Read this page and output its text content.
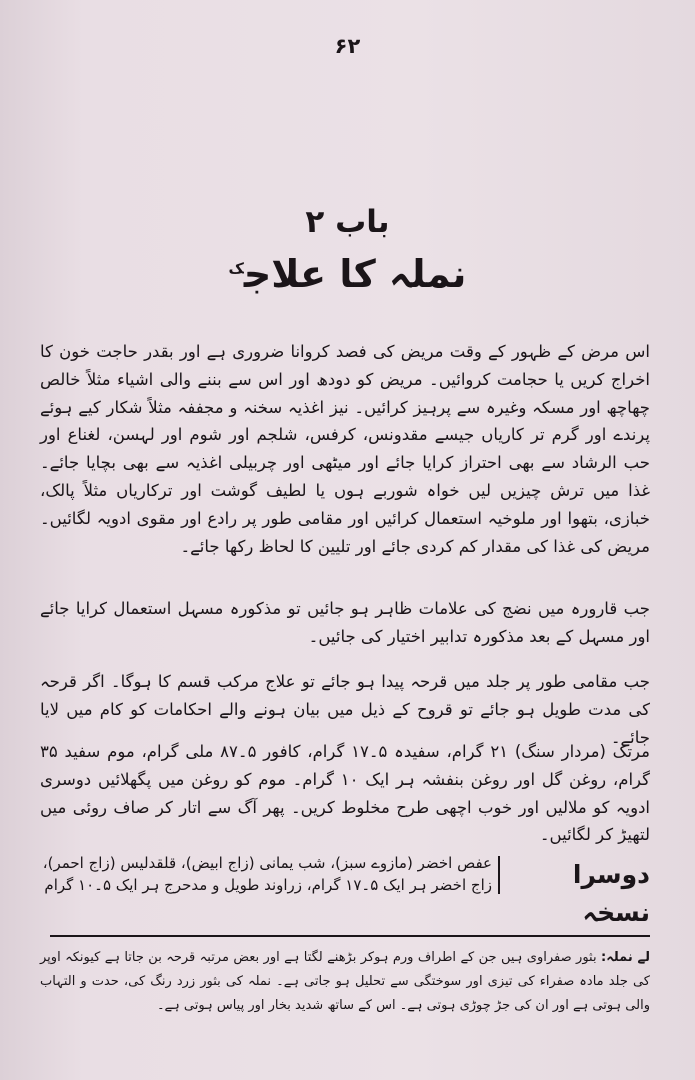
۶۲
باب ۲
نملہ کا علاج$^ک$

اس مرض کے ظہور کے وقت مریض کی فصد کروانا ضروری ہے اور بقدر حاجت خون کا اخراج کریں یا حجامت کروائیں۔ مریض کو دودھ اور اس سے بننے والی اشیاء مثلاً خالص چھاچھ اور مسکہ وغیرہ سے پرہیز کرائیں۔ نیز اغذیہ سخنہ و مجففہ مثلاً شکار کیے ہوئے پرندے اور گرم تر کاریاں جیسے مقدونس، کرفس، شلجم اور شوم اور لہسن، لغناع اور حب الرشاد سے بھی احتراز کرایا جائے اور میٹھی اور چربیلی اغذیہ سے بھی بچایا جائے۔ غذا میں ترش چیزیں لیں خواہ شوربے ہوں یا لطیف گوشت اور ترکاریاں مثلاً پالک، خبازی، بتھوا اور ملوخیہ استعمال کرائیں اور مقامی طور پر رادع اور مقوی ادویہ لگائیں۔ مریض کی غذا کی مقدار کم کردی جائے اور تلیین کا لحاظ رکھا جائے۔

جب قارورہ میں نضج کی علامات ظاہر ہو جائیں تو مذکورہ مسہل استعمال کرایا جائے اور مسہل کے بعد مذکورہ تدابیر اختیار کی جائیں۔

جب مقامی طور پر جلد میں قرحہ پیدا ہو جائے تو علاج مرکب قسم کا ہوگا۔ اگر قرحہ کی مدت طویل ہو جائے تو قروح کے ذیل میں بیان ہونے والے احکامات کو کام میں لایا جائے۔

مرتک (مردار سنگ) ۲۱ گرام، سفیدہ ۵۔۱۷ گرام، کافور ۵۔۸۷ ملی گرام، موم سفید ۳۵ گرام، روغن گل اور روغن بنفشہ ہر ایک ۱۰ گرام۔ موم کو روغن میں پگھلائیں دوسری ادویہ کو ملالیں اور خوب اچھی طرح مخلوط کریں۔ پھر آگ سے اتار کر صاف روئی میں لتھیڑ کر لگائیں۔

دوسرا نسخہ
عفص اخضر (مازوے سبز)، شب یمانی (زاج ابیض)، قلقدلیس (زاج احمر)،
زاج اخضر ہر ایک ۵۔۱۷ گرام، زراوند طویل و مدحرج ہر ایک ۵۔۱۰ گرام

لے نملہ: بثور صفراوی ہیں جن کے اطراف ورم ہوکر بڑھنے لگتا ہے اور بعض مرتبہ قرحہ بن جاتا ہے کیونکہ اوپر کی جلد مادہ صفراء کی تیزی اور سوختگی سے تحلیل ہو جاتی ہے۔ نملہ کی بثور زرد رنگ کی، حدت و التہاب والی ہوتی ہے اور ان کی جڑ چوڑی ہوتی ہے۔ اس کے ساتھ شدید بخار اور پیاس ہوتی ہے۔
